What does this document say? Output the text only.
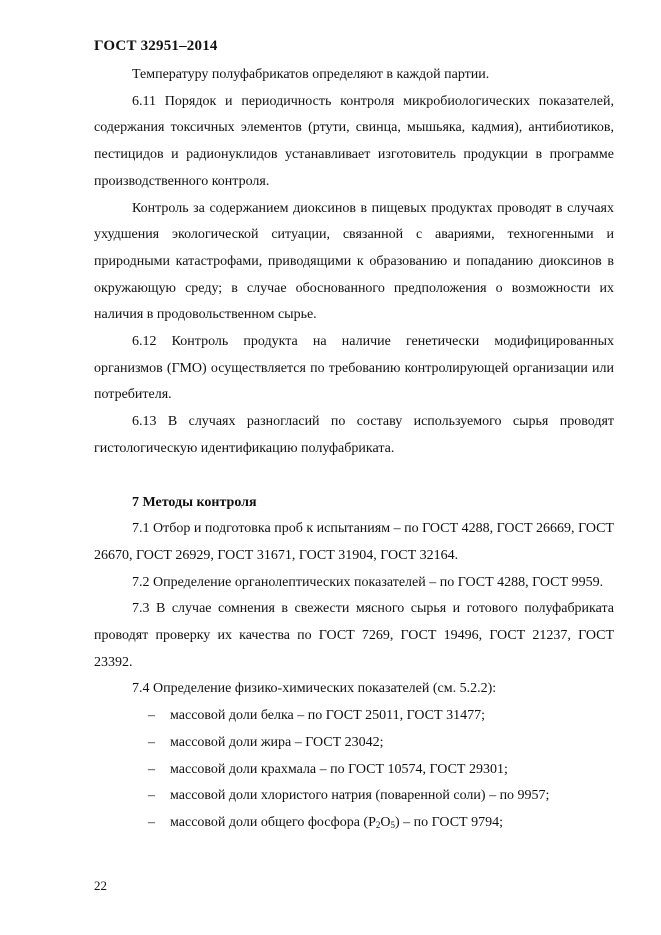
ГОСТ 32951–2014

Температуру полуфабрикатов определяют в каждой партии.

6.11 Порядок и периодичность контроля микробиологических показателей, содержания токсичных элементов (ртути, свинца, мышьяка, кадмия), антибиотиков, пестицидов и радионуклидов устанавливает изготовитель продукции в программе производственного контроля.

Контроль за содержанием диоксинов в пищевых продуктах проводят в случаях ухудшения экологической ситуации, связанной с авариями, техногенными и природными катастрофами, приводящими к образованию и попаданию диоксинов в окружающую среду; в случае обоснованного предположения о возможности их наличия в продовольственном сырье.

6.12 Контроль продукта на наличие генетически модифицированных организмов (ГМО) осуществляется по требованию контролирующей организации или потребителя.

6.13 В случаях разногласий по составу используемого сырья проводят гистологическую идентификацию полуфабриката.

7 Методы контроля

7.1 Отбор и подготовка проб к испытаниям – по ГОСТ 4288, ГОСТ 26669, ГОСТ 26670, ГОСТ 26929, ГОСТ 31671, ГОСТ 31904, ГОСТ 32164.

7.2 Определение органолептических показателей – по ГОСТ 4288, ГОСТ 9959.

7.3 В случае сомнения в свежести мясного сырья и готового полуфабриката проводят проверку их качества по ГОСТ 7269, ГОСТ 19496, ГОСТ 21237, ГОСТ 23392.

7.4 Определение физико-химических показателей (см. 5.2.2):

– массовой доли белка – по ГОСТ 25011, ГОСТ 31477;
– массовой доли жира – ГОСТ 23042;
– массовой доли крахмала – по ГОСТ 10574, ГОСТ 29301;
– массовой доли хлористого натрия (поваренной соли) – по 9957;
– массовой доли общего фосфора $(P_2O_5)$ – по ГОСТ 9794;
22
